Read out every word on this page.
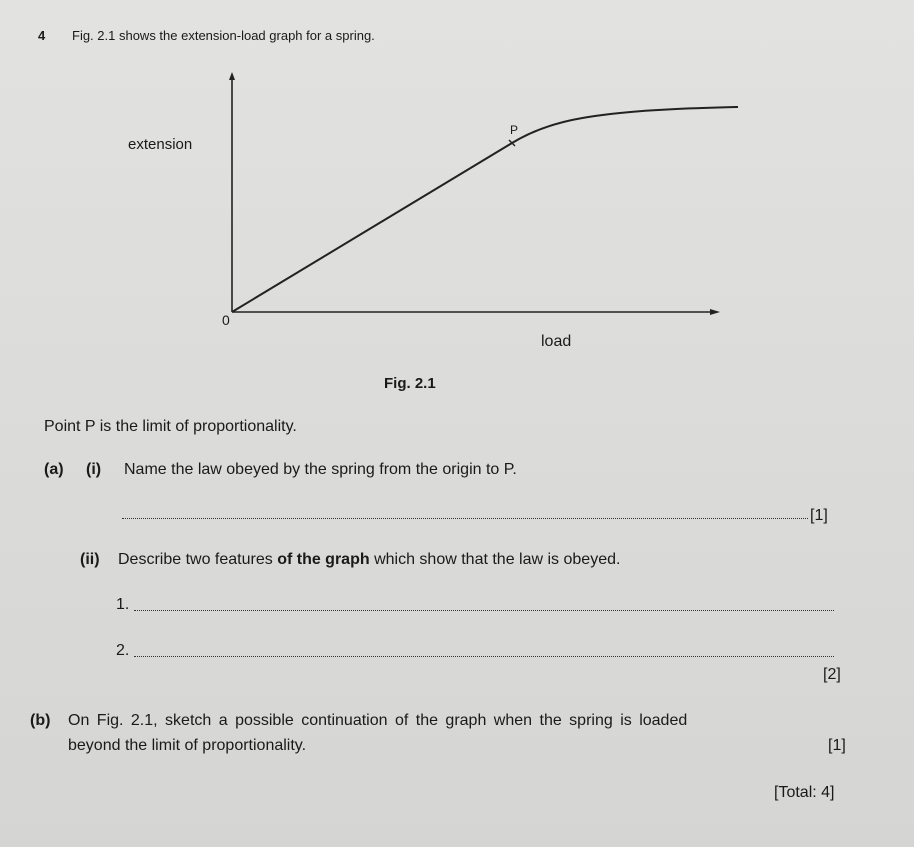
4 Fig. 2.1 shows the extension-load graph for a spring.
extension
load
P
0
Fig. 2.1
Point P is the limit of proportionality.
(a) (i) Name the law obeyed by the spring from the origin to P.
[1]
(ii) Describe two features of the graph which show that the law is obeyed.
1.
2.
[2]
(b) On Fig. 2.1, sketch a possible continuation of the graph when the spring is loaded
beyond the limit of proportionality.	[1]
[Total: 4]
